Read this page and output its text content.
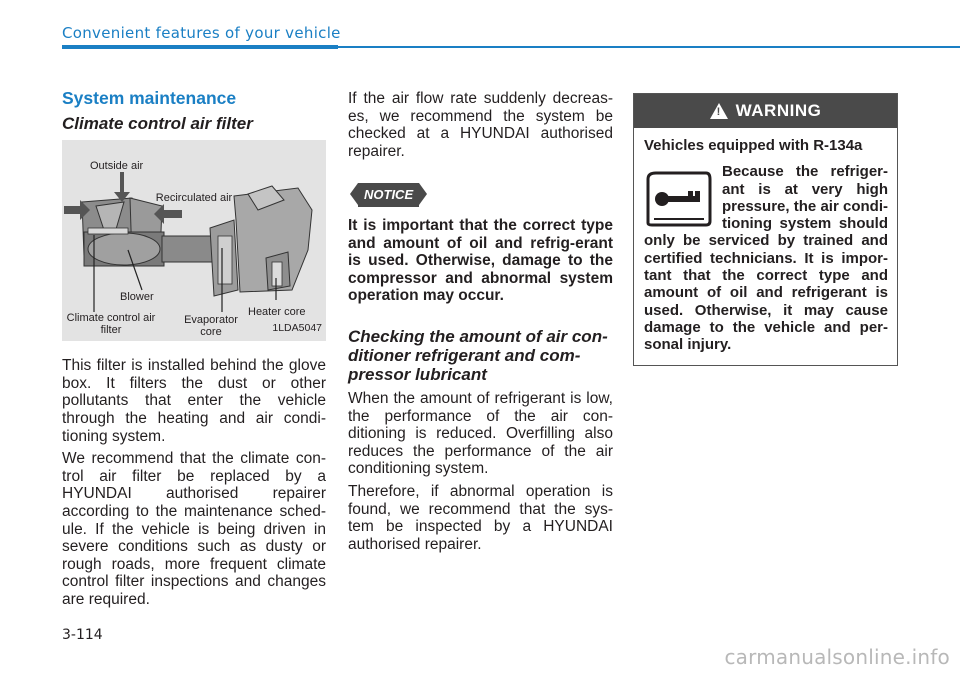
Convenient features of your vehicle
System maintenance
Climate control air filter
Outside air
Recirculated air
Blower
Climate control air filter
Evaporator core
Heater core
1LDA5047

This filter is installed behind the glove box. It filters the dust or other pollutants that enter the vehicle through the heating and air condi-tioning system.

We recommend that the climate con-trol air filter be replaced by a HYUNDAI authorised repairer according to the maintenance sched-ule. If the vehicle is being driven in severe conditions such as dusty or rough roads, more frequent climate control filter inspections and changes are required.

If the air flow rate suddenly decreas-es, we recommend the system be checked at a HYUNDAI authorised repairer.

NOTICE

It is important that the correct type and amount of oil and refrig-erant is used. Otherwise, damage to the compressor and abnormal system operation may occur.

Checking the amount of air con-ditioner refrigerant and com-pressor lubricant

When the amount of refrigerant is low, the performance of the air con-ditioning is reduced. Overfilling also reduces the performance of the air conditioning system.

Therefore, if abnormal operation is found, we recommend that the sys-tem be inspected by a HYUNDAI authorised repairer.

! WARNING
Vehicles equipped with R-134a
Because the refriger-ant is at very high pressure, the air condi-tioning system should only be serviced by trained and certified technicians. It is impor-tant that the correct type and amount of oil and refrigerant is used. Otherwise, it may cause damage to the vehicle and per-sonal injury.
3-114
carmanualsonline.info
